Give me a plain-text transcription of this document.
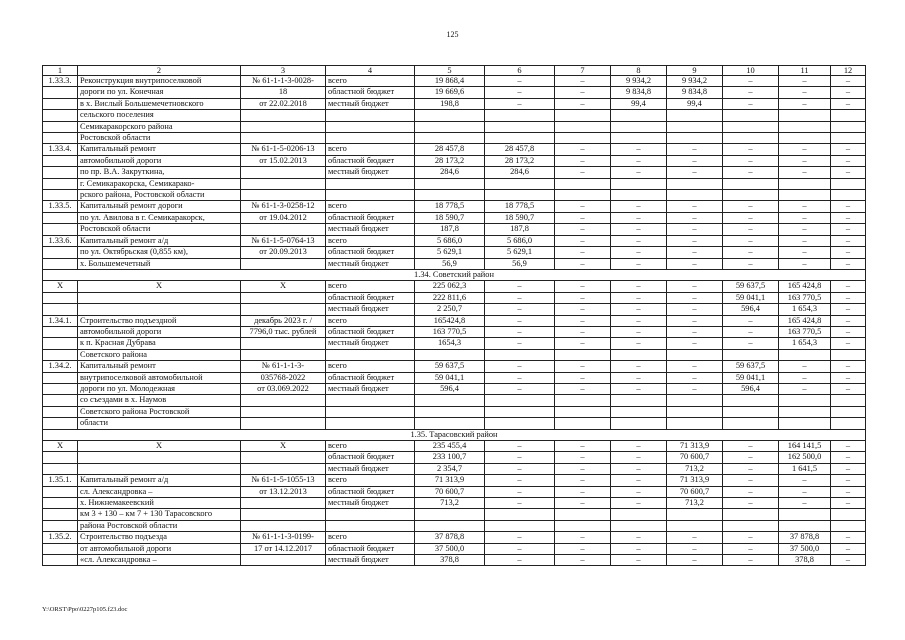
125
1	2	3	4	5	6	7	8	9	10	11	12
1.33.3.	Реконструкция внутрипоселковой	№ 61-1-1-3-0028-	всего	19 868,4	–	–	9 934,2	9 934,2	–	–	–
	дороги по ул. Конечная	18	областной бюджет	19 669,6	–	–	9 834,8	9 834,8	–	–	–
	в х. Вислый Большемечетновского	от 22.02.2018	местный бюджет	198,8	–	–	99,4	99,4	–	–	–
	сельского поселения										
	Семикаракорского района										
	Ростовской области										
1.33.4.	Капитальный ремонт	№ 61-1-5-0206-13	всего	28 457,8	28 457,8	–	–	–	–	–	–
	автомобильной дороги	от 15.02.2013	областной бюджет	28 173,2	28 173,2	–	–	–	–	–	–
	по пр. В.А. Закруткина,		местный бюджет	284,6	284,6	–	–	–	–	–	–
	г. Семикаракорска, Семикарако-										
	рского района, Ростовской области										
1.33.5.	Капитальный ремонт дороги	№ 61-1-3-0258-12	всего	18 778,5	18 778,5	–	–	–	–	–	–
	по ул. Авилова в г. Семикаракорск,	от 19.04.2012	областной бюджет	18 590,7	18 590,7	–	–	–	–	–	–
	Ростовской области		местный бюджет	187,8	187,8	–	–	–	–	–	–
1.33.6.	Капитальный ремонт а/д	№ 61-1-5-0764-13	всего	5 686,0	5 686,0	–	–	–	–	–	–
	по ул. Октябрьская (0,855 км),	от 20.09.2013	областной бюджет	5 629,1	5 629,1	–	–	–	–	–	–
	х. Большемечетный		местный бюджет	56,9	56,9	–	–	–	–	–	–
1.34. Советский район											
Х	Х	Х	всего	225 062,3	–	–	–	–	59 637,5	165 424,8	–
			областной бюджет	222 811,6	–	–	–	–	59 041,1	163 770,5	–
			местный бюджет	2 250,7	–	–	–	–	596,4	1 654,3	–
1.34.1.	Строительство подъездной	декабрь 2023 г. /	всего	165424,8	–	–	–	–	–	165 424,8	–
	автомобильной дороги	7796,0 тыс. рублей	областной бюджет	163 770,5	–	–	–	–	–	163 770,5	–
	к п. Красная Дубрава		местный бюджет	1654,3	–	–	–	–	–	1 654,3	–
	Советского района										
1.34.2.	Капитальный ремонт	№ 61-1-1-3-	всего	59 637,5	–	–	–	–	59 637,5	–	–
	внутрипоселковой автомобильной	035768-2022	областной бюджет	59 041,1	–	–	–	–	59 041,1	–	–
	дороги по ул. Молодежная	от 03.069.2022	местный бюджет	596,4	–	–	–	–	596,4	–	–
	со съездами в х. Наумов										
	Советского района Ростовской										
	области										
1.35. Тарасовский район											
Х	Х	Х	всего	235 455,4	–	–	–	71 313,9	–	164 141,5	–
			областной бюджет	233 100,7	–	–	–	70 600,7	–	162 500,0	–
			местный бюджет	2 354,7	–	–	–	713,2	–	1 641,5	–
1.35.1.	Капитальный ремонт а/д	№ 61-1-5-1055-13	всего	71 313,9	–	–	–	71 313,9	–	–	–
	сл. Александровка –	от 13.12.2013	областной бюджет	70 600,7	–	–	–	70 600,7	–	–	–
	х. Нижнемакеевский		местный бюджет	713,2	–	–	–	713,2	–	–	–
	км 3 + 130 – км 7 + 130 Тарасовского										
	района Ростовской области										
1.35.2.	Строительство подъезда	№ 61-1-1-3-0199-	всего	37 878,8	–	–	–	–	–	37 878,8	–
	от автомобильной дороги	17 от 14.12.2017	областной бюджет	37 500,0	–	–	–	–	–	37 500,0	–
	«сл. Александровка –		местный бюджет	378,8	–	–	–	–	–	378,8	–
Y:\ORST\Ppo\0227p105.f23.doc
